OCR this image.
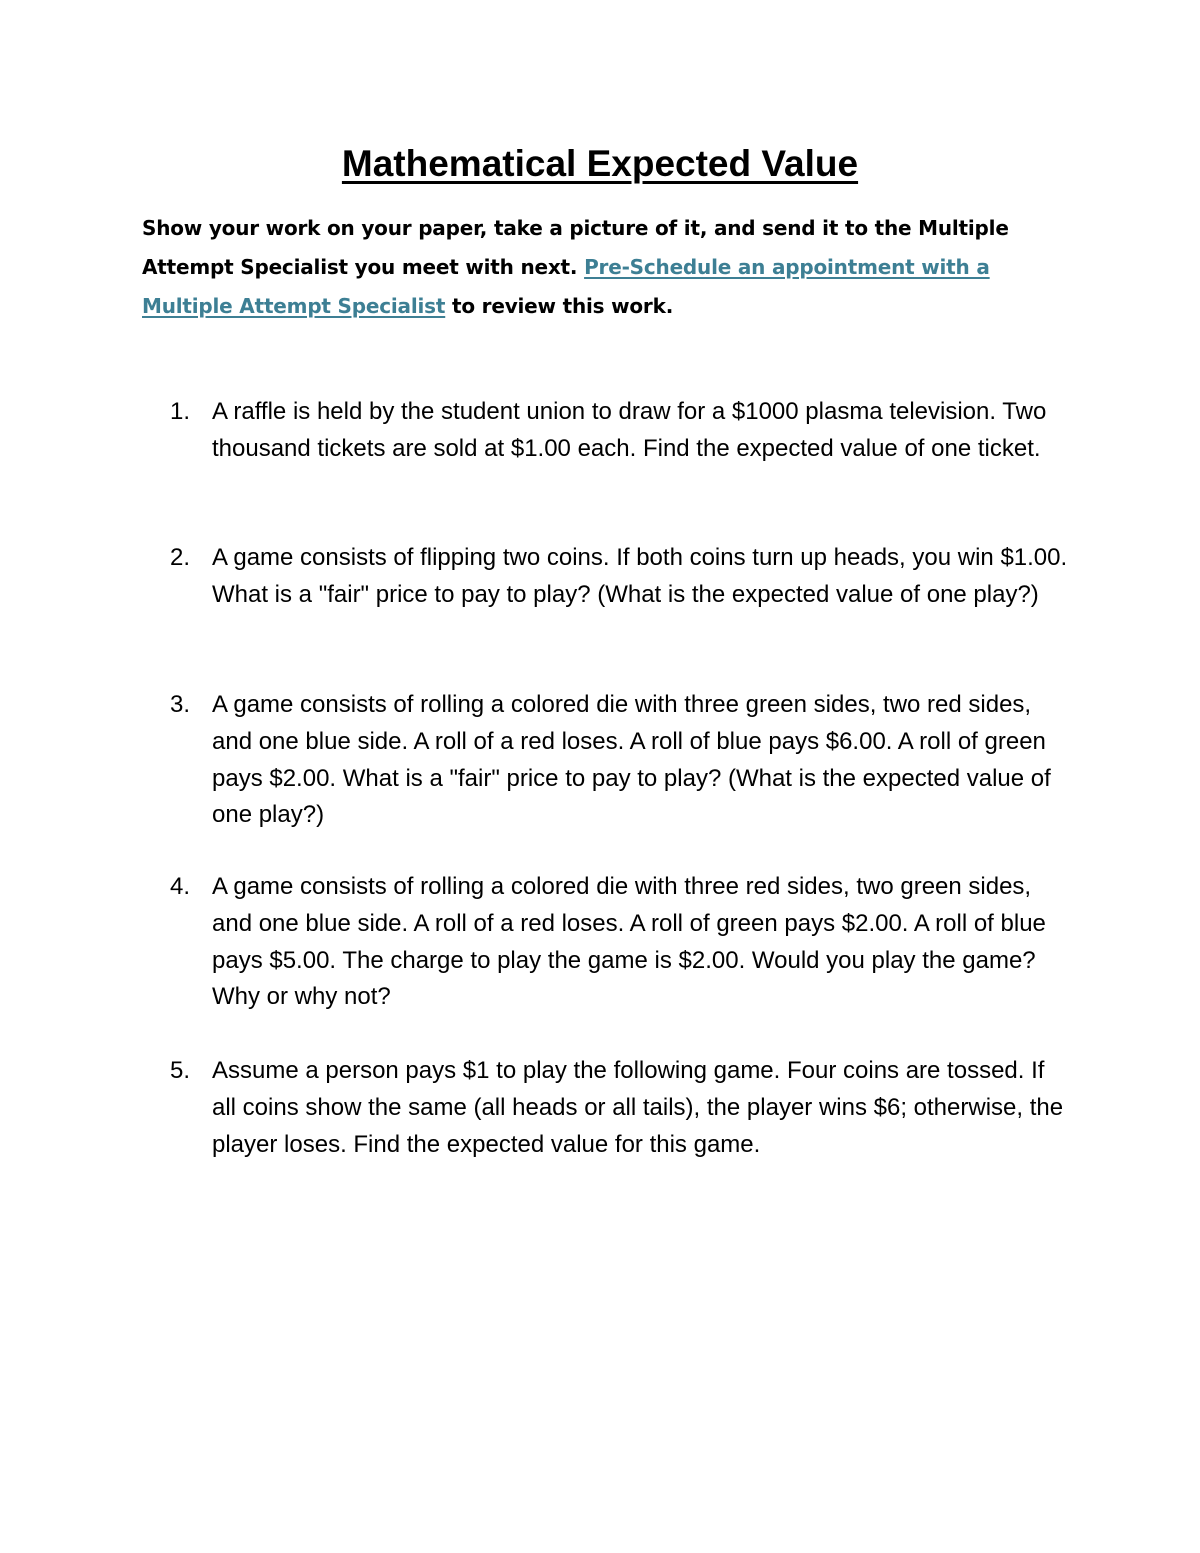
Mathematical Expected Value

Show your work on your paper, take a picture of it, and send it to the Multiple Attempt Specialist you meet with next. Pre-Schedule an appointment with a Multiple Attempt Specialist to review this work.

1. A raffle is held by the student union to draw for a $1000 plasma television. Two thousand tickets are sold at $1.00 each. Find the expected value of one ticket.
2. A game consists of flipping two coins. If both coins turn up heads, you win $1.00. What is a "fair" price to pay to play? (What is the expected value of one play?)
3. A game consists of rolling a colored die with three green sides, two red sides, and one blue side. A roll of a red loses. A roll of blue pays $6.00. A roll of green pays $2.00. What is a "fair" price to pay to play? (What is the expected value of one play?)
4. A game consists of rolling a colored die with three red sides, two green sides, and one blue side. A roll of a red loses. A roll of green pays $2.00. A roll of blue pays $5.00. The charge to play the game is $2.00. Would you play the game? Why or why not?
5. Assume a person pays $1 to play the following game. Four coins are tossed. If all coins show the same (all heads or all tails), the player wins $6; otherwise, the player loses. Find the expected value for this game.
